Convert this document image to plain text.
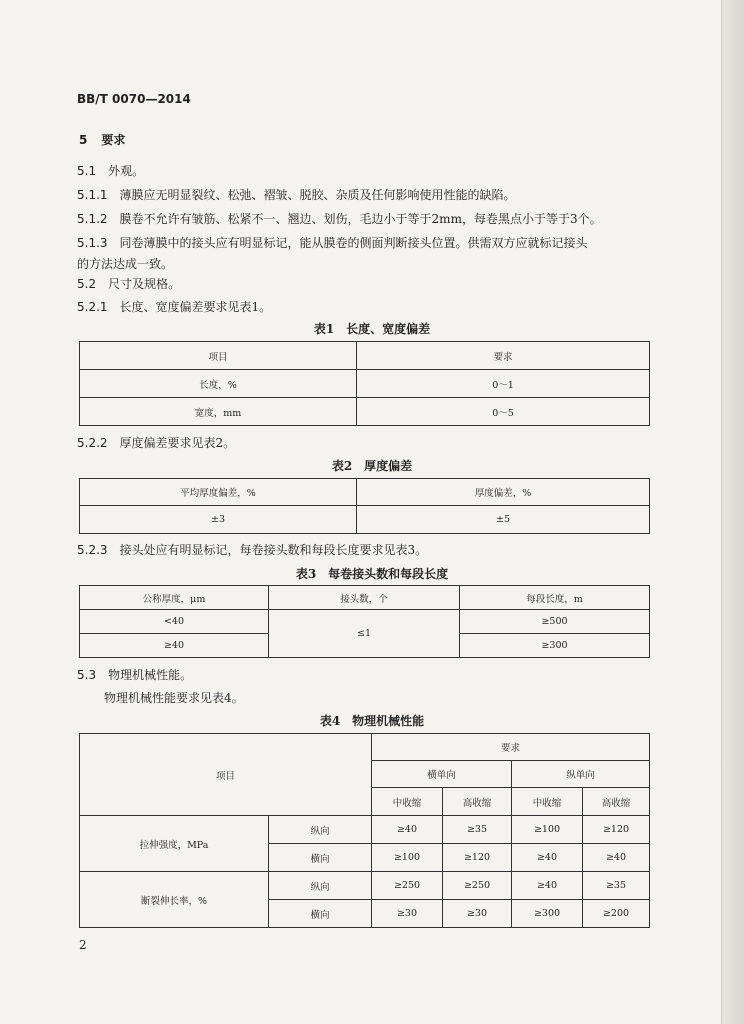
BB/T 0070—2014
5 要求
5.1 外观。
5.1.1 薄膜应无明显裂纹、松弛、褶皱、脱胶、杂质及任何影响使用性能的缺陷。
5.1.2 膜卷不允许有皱筋、松紧不一、翘边、划伤，毛边小于等于2mm，每卷黑点小于等于3个。
5.1.3 同卷薄膜中的接头应有明显标记，能从膜卷的侧面判断接头位置。供需双方应就标记接头
的方法达成一致。
5.2 尺寸及规格。
5.2.1 长度、宽度偏差要求见表1。
表1　长度、宽度偏差
项目	要求
长度，%	0～1
宽度，mm	0～5
5.2.2 厚度偏差要求见表2。
表2　厚度偏差
平均厚度偏差，%	厚度偏差，%
±3	±5
5.2.3 接头处应有明显标记，每卷接头数和每段长度要求见表3。
表3　每卷接头数和每段长度
公称厚度，μm	接头数，个	每段长度，m
<40	≤1	≥500
≥40		≥300
5.3 物理机械性能。
物理机械性能要求见表4。
表4　物理机械性能
项目		要求			
		横单向		纵单向	
		中收缩	高收缩	中收缩	高收缩
拉伸强度，MPa	纵向	≥40	≥35	≥100	≥120
	横向	≥100	≥120	≥40	≥40
断裂伸长率，%	纵向	≥250	≥250	≥40	≥35
	横向	≥30	≥30	≥300	≥200
2
